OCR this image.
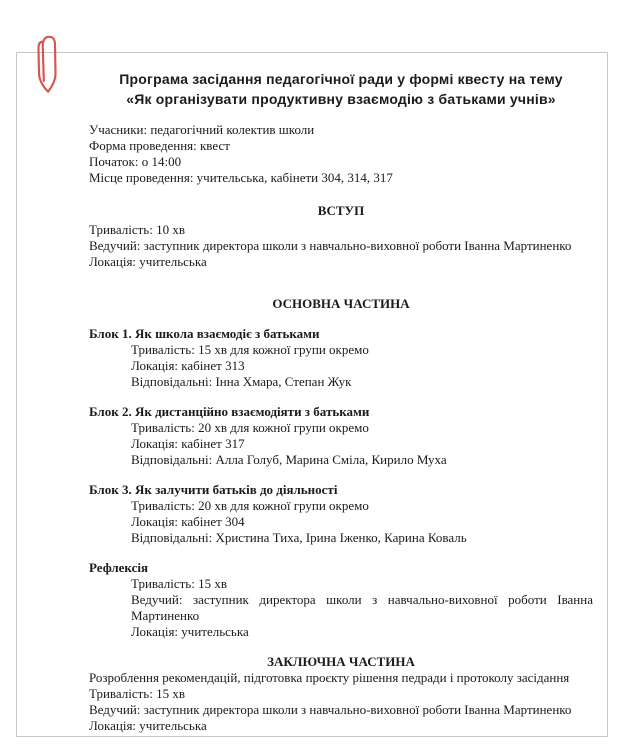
Програма засідання педагогічної ради у формі квесту на тему
«Як організувати продуктивну взаємодію з батьками учнів»
Учасники: педагогічний колектив школи
Форма проведення: квест
Початок: о 14:00
Місце проведення: учительська, кабінети 304, 314, 317
ВСТУП
Тривалість: 10 хв
Ведучий: заступник директора школи з навчально-виховної роботи Іванна Мартиненко
Локація: учительська
ОСНОВНА ЧАСТИНА
Блок 1. Як школа взаємодіє з батьками
Тривалість: 15 хв для кожної групи окремо
Локація: кабінет 313
Відповідальні: Інна Хмара, Степан Жук
Блок 2. Як дистанційно взаємодіяти з батьками
Тривалість: 20 хв для кожної групи окремо
Локація: кабінет 317
Відповідальні: Алла Голуб, Марина Сміла, Кирило Муха
Блок 3. Як залучити батьків до діяльності
Тривалість: 20 хв для кожної групи окремо
Локація: кабінет 304
Відповідальні: Христина Тиха, Ірина Іженко, Карина Коваль
Рефлексія
Тривалість: 15 хв
Ведучий: заступник директора школи з навчально-виховної роботи Іванна Мартиненко
Локація: учительська
ЗАКЛЮЧНА ЧАСТИНА
Розроблення рекомендацій, підготовка проєкту рішення педради і протоколу засідання
Тривалість: 15 хв
Ведучий: заступник директора школи з навчально-виховної роботи Іванна Мартиненко
Локація: учительська
